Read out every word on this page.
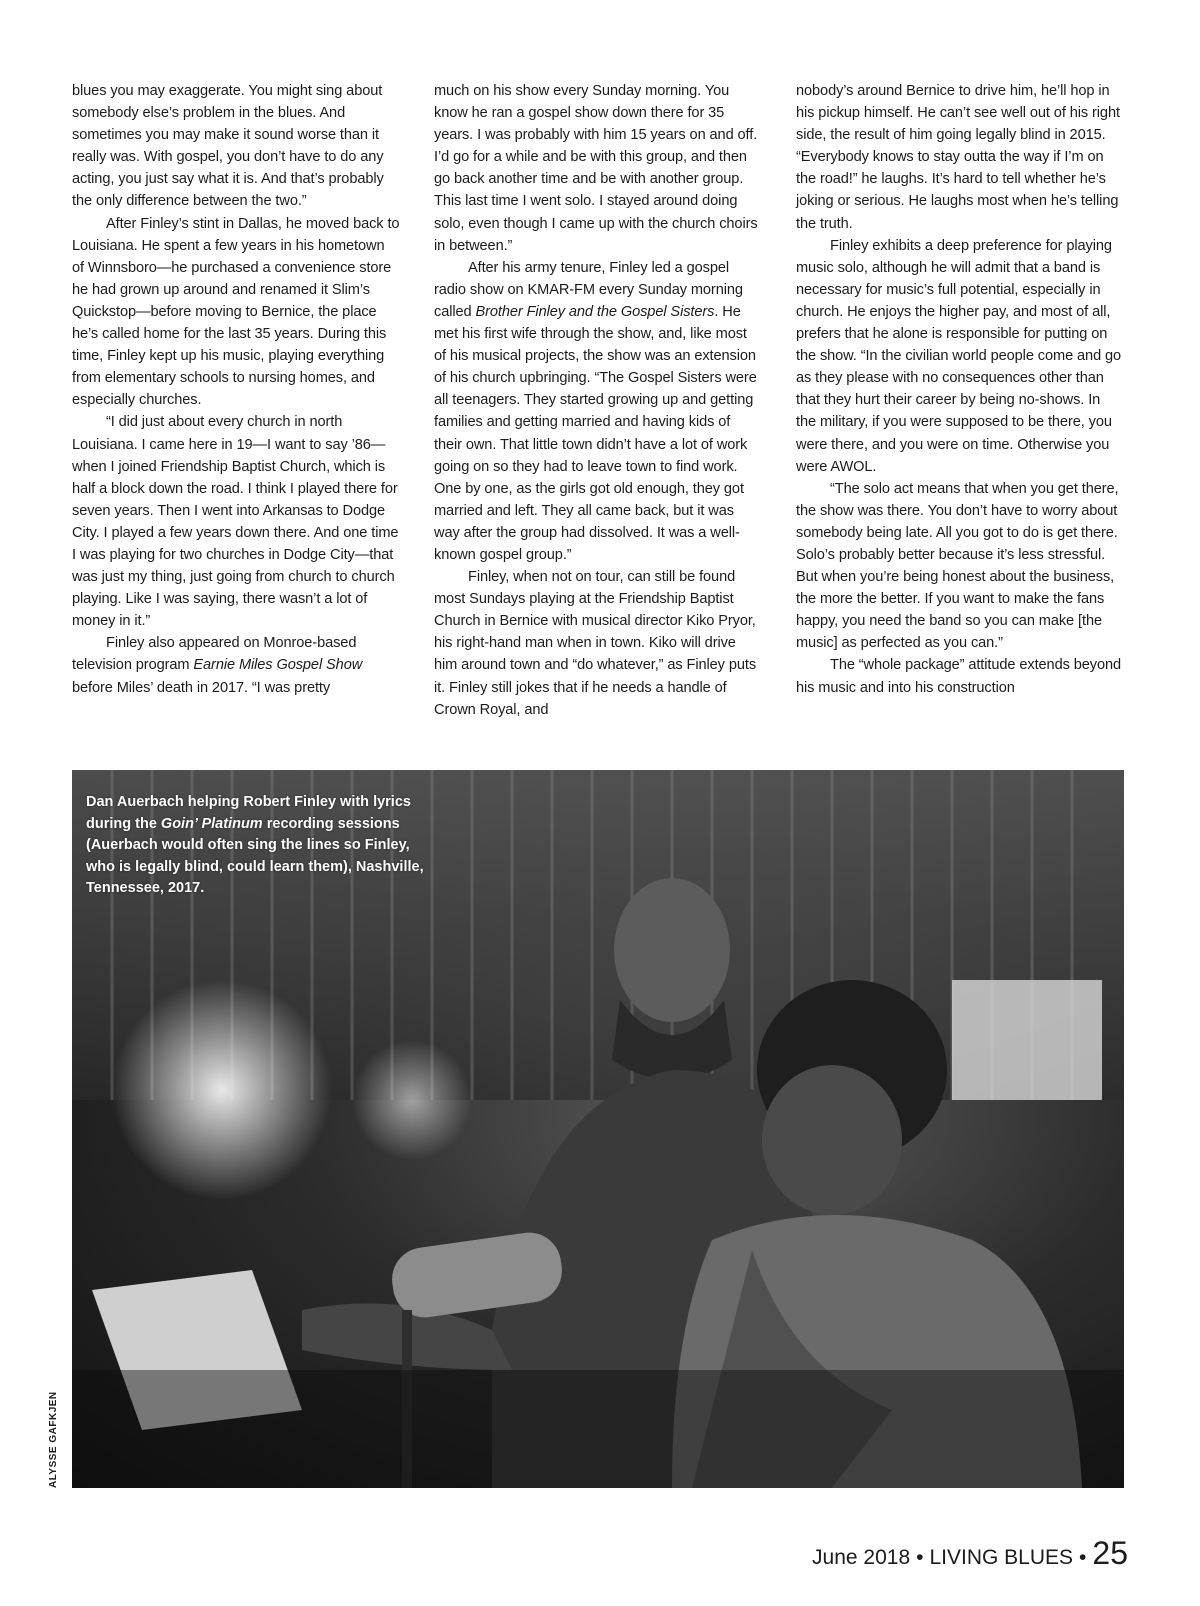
blues you may exaggerate. You might sing about somebody else’s problem in the blues. And sometimes you may make it sound worse than it really was. With gospel, you don’t have to do any acting, you just say what it is. And that’s probably the only difference between the two.”

After Finley’s stint in Dallas, he moved back to Louisiana. He spent a few years in his hometown of Winnsboro—he purchased a convenience store he had grown up around and renamed it Slim’s Quickstop—before moving to Bernice, the place he’s called home for the last 35 years. During this time, Finley kept up his music, playing everything from elementary schools to nursing homes, and especially churches.

“I did just about every church in north Louisiana. I came here in 19—I want to say ’86—when I joined Friendship Baptist Church, which is half a block down the road. I think I played there for seven years. Then I went into Arkansas to Dodge City. I played a few years down there. And one time I was playing for two churches in Dodge City—that was just my thing, just going from church to church playing. Like I was saying, there wasn’t a lot of money in it.”

Finley also appeared on Monroe-based television program Earnie Miles Gospel Show before Miles’ death in 2017. “I was pretty

much on his show every Sunday morning. You know he ran a gospel show down there for 35 years. I was probably with him 15 years on and off. I’d go for a while and be with this group, and then go back another time and be with another group. This last time I went solo. I stayed around doing solo, even though I came up with the church choirs in between.”

After his army tenure, Finley led a gospel radio show on KMAR-FM every Sunday morning called Brother Finley and the Gospel Sisters. He met his first wife through the show, and, like most of his musical projects, the show was an extension of his church upbringing. “The Gospel Sisters were all teenagers. They started growing up and getting families and getting married and having kids of their own. That little town didn’t have a lot of work going on so they had to leave town to find work. One by one, as the girls got old enough, they got married and left. They all came back, but it was way after the group had dissolved. It was a well-known gospel group.”

Finley, when not on tour, can still be found most Sundays playing at the Friendship Baptist Church in Bernice with musical director Kiko Pryor, his right-hand man when in town. Kiko will drive him around town and “do whatever,” as Finley puts it. Finley still jokes that if he needs a handle of Crown Royal, and

nobody’s around Bernice to drive him, he’ll hop in his pickup himself. He can’t see well out of his right side, the result of him going legally blind in 2015. “Everybody knows to stay outta the way if I’m on the road!” he laughs. It’s hard to tell whether he’s joking or serious. He laughs most when he’s telling the truth.

Finley exhibits a deep preference for playing music solo, although he will admit that a band is necessary for music’s full potential, especially in church. He enjoys the higher pay, and most of all, prefers that he alone is responsible for putting on the show. “In the civilian world people come and go as they please with no consequences other than that they hurt their career by being no-shows. In the military, if you were supposed to be there, you were there, and you were on time. Otherwise you were AWOL.

“The solo act means that when you get there, the show was there. You don’t have to worry about somebody being late. All you got to do is get there. Solo’s probably better because it’s less stressful. But when you’re being honest about the business, the more the better. If you want to make the fans happy, you need the band so you can make [the music] as perfected as you can.”

The “whole package” attitude extends beyond his music and into his construction

Dan Auerbach helping Robert Finley with lyrics during the Goin’ Platinum recording sessions (Auerbach would often sing the lines so Finley, who is legally blind, could learn them), Nashville, Tennessee, 2017.
ALYSSE GAFKJEN
June 2018 • LIVING BLUES • 25
